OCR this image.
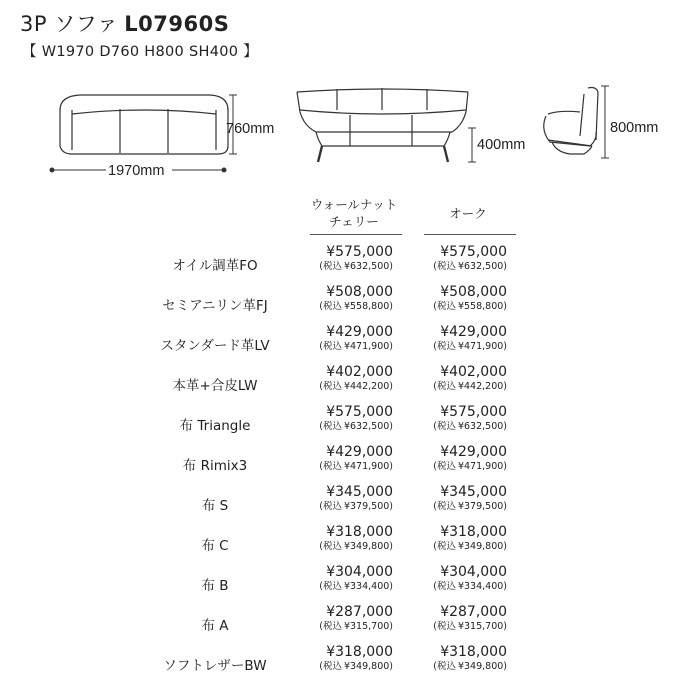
3P ソファ L07960S
【 W1970 D760 H800 SH400 】
760mm
1970mm
400mm
800mm
ウォールナット
チェリー
オーク
オイル調革FO
¥575,000
(税込 ¥632,500)
¥575,000
(税込 ¥632,500)
セミアニリン革FJ
¥508,000
(税込 ¥558,800)
¥508,000
(税込 ¥558,800)
スタンダード革LV
¥429,000
(税込 ¥471,900)
¥429,000
(税込 ¥471,900)
本革+合皮LW
¥402,000
(税込 ¥442,200)
¥402,000
(税込 ¥442,200)
布 Triangle
¥575,000
(税込 ¥632,500)
¥575,000
(税込 ¥632,500)
布 Rimix3
¥429,000
(税込 ¥471,900)
¥429,000
(税込 ¥471,900)
布 S
¥345,000
(税込 ¥379,500)
¥345,000
(税込 ¥379,500)
布 C
¥318,000
(税込 ¥349,800)
¥318,000
(税込 ¥349,800)
布 B
¥304,000
(税込 ¥334,400)
¥304,000
(税込 ¥334,400)
布 A
¥287,000
(税込 ¥315,700)
¥287,000
(税込 ¥315,700)
ソフトレザーBW
¥318,000
(税込 ¥349,800)
¥318,000
(税込 ¥349,800)
